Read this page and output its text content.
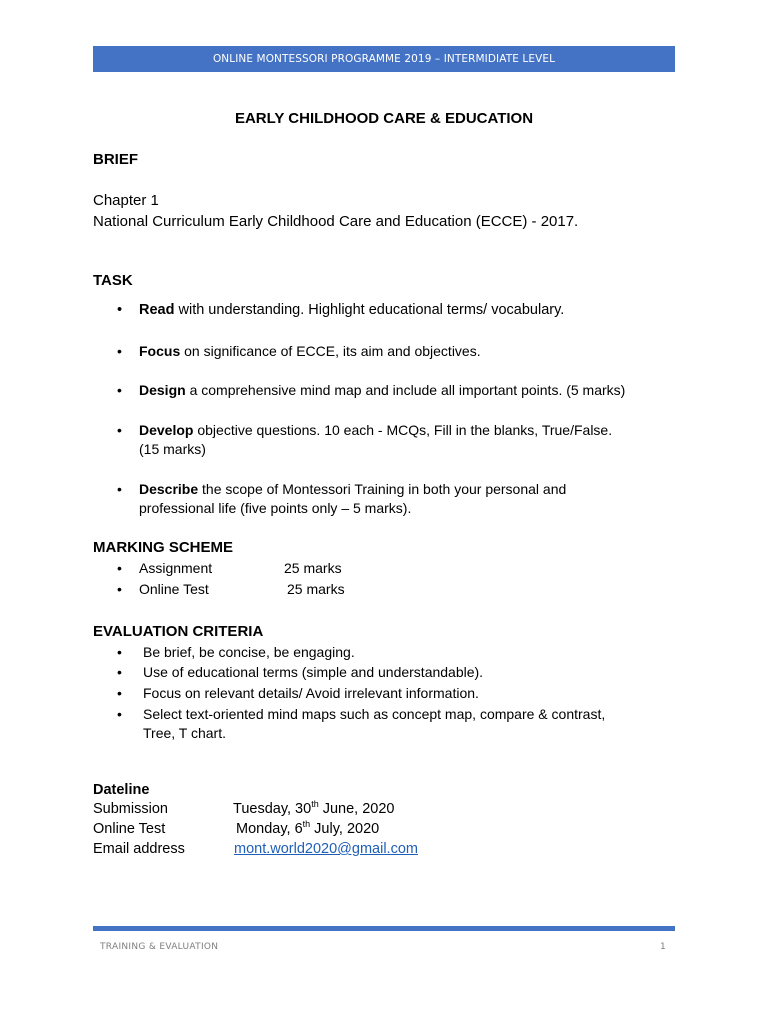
ONLINE MONTESSORI PROGRAMME 2019 – INTERMIDIATE LEVEL
EARLY CHILDHOOD CARE & EDUCATION
BRIEF
Chapter 1
National Curriculum Early Childhood Care and Education (ECCE) - 2017.
TASK
• Read with understanding. Highlight educational terms/ vocabulary.
• Focus on significance of ECCE, its aim and objectives.
• Design a comprehensive mind map and include all important points. (5 marks)
• Develop objective questions. 10 each - MCQs, Fill in the blanks, True/False.
(15 marks)
• Describe the scope of Montessori Training in both your personal and
professional life (five points only – 5 marks).
MARKING SCHEME
• Assignment	25 marks
• Online Test	25 marks
EVALUATION CRITERIA
• Be brief, be concise, be engaging.
• Use of educational terms (simple and understandable).
• Focus on relevant details/ Avoid irrelevant information.
• Select text-oriented mind maps such as concept map, compare & contrast,
Tree, T chart.
Dateline
Submission	Tuesday, 30th June, 2020
Online Test	Monday, 6th July, 2020
Email address	mont.world2020@gmail.com
TRAINING & EVALUATION	1
